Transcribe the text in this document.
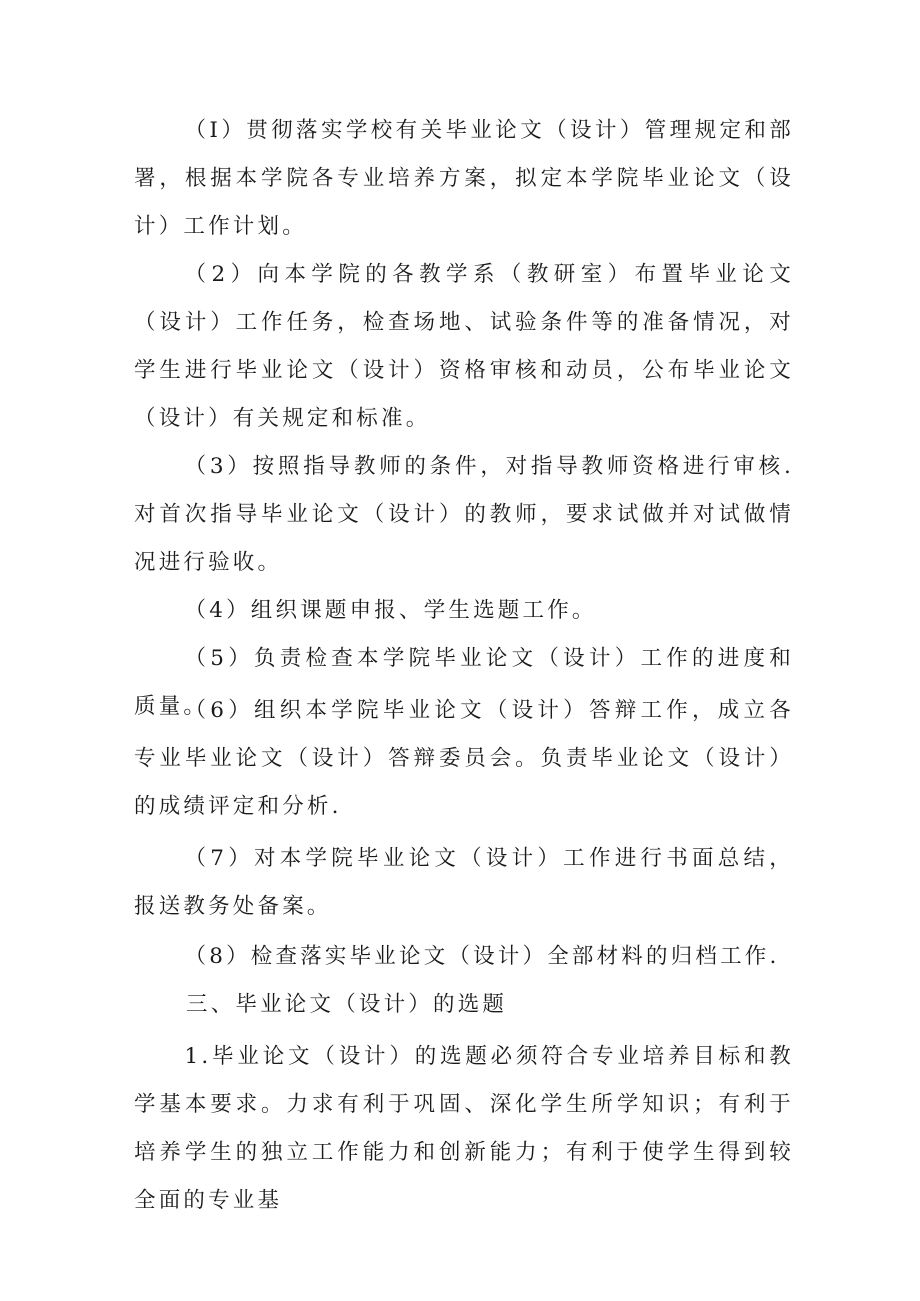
（I）贯彻落实学校有关毕业论文（设计）管理规定和部署，根据本学院各专业培养方案，拟定本学院毕业论文（设计）工作计划。

（2）向本学院的各教学系（教研室）布置毕业论文（设计）工作任务，检查场地、试验条件等的准备情况，对学生进行毕业论文（设计）资格审核和动员，公布毕业论文（设计）有关规定和标准。

（3）按照指导教师的条件，对指导教师资格进行审核.对首次指导毕业论文（设计）的教师，要求试做并对试做情况进行验收。

（4）组织课题申报、学生选题工作。

（5）负责检查本学院毕业论文（设计）工作的进度和质量。

（6）组织本学院毕业论文（设计）答辩工作，成立各专业毕业论文（设计）答辩委员会。负责毕业论文（设计）的成绩评定和分析.

（7）对本学院毕业论文（设计）工作进行书面总结，报送教务处备案。

（8）检查落实毕业论文（设计）全部材料的归档工作.

三、毕业论文（设计）的选题

1.毕业论文（设计）的选题必须符合专业培养目标和教学基本要求。力求有利于巩固、深化学生所学知识；有利于培养学生的独立工作能力和创新能力；有利于使学生得到较全面的专业基
